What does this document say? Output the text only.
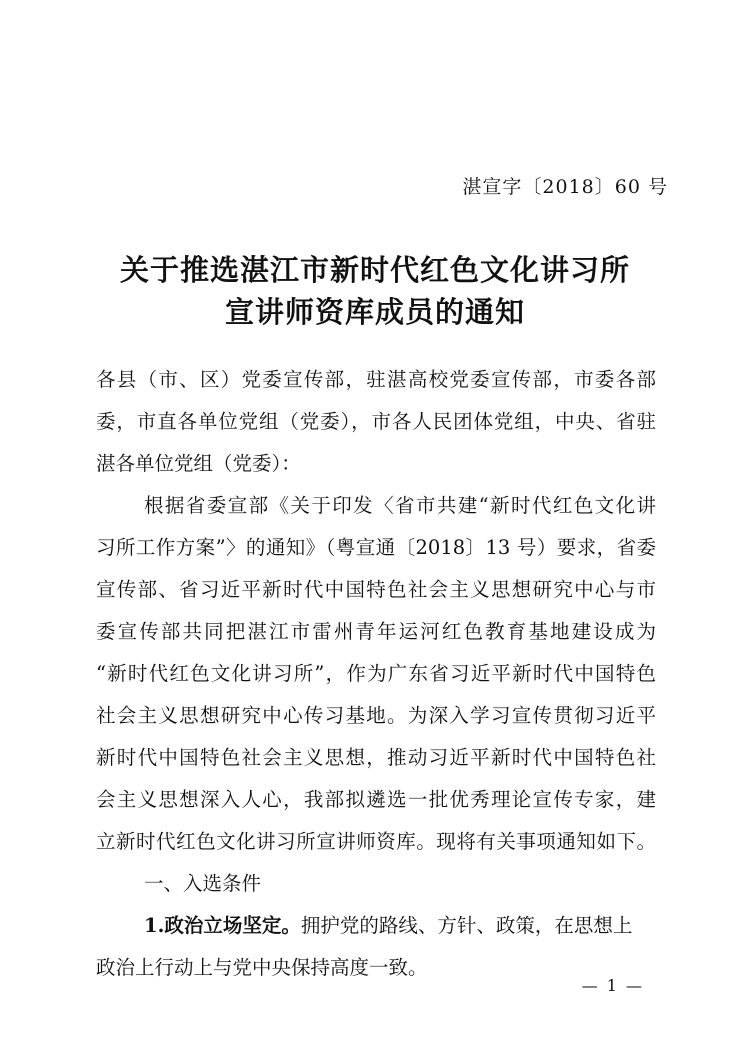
湛宣字〔2018〕60 号
关于推选湛江市新时代红色文化讲习所
宣讲师资库成员的通知
各县（市、区）党委宣传部，驻湛高校党委宣传部，市委各部
委，市直各单位党组（党委），市各人民团体党组，中央、省驻
湛各单位党组（党委）：
根据省委宣部《关于印发〈省市共建“新时代红色文化讲
习所工作方案”〉的通知》（粤宣通〔2018〕13 号）要求，省委
宣传部、省习近平新时代中国特色社会主义思想研究中心与市
委宣传部共同把湛江市雷州青年运河红色教育基地建设成为
“新时代红色文化讲习所”，作为广东省习近平新时代中国特色
社会主义思想研究中心传习基地。为深入学习宣传贯彻习近平
新时代中国特色社会主义思想，推动习近平新时代中国特色社
会主义思想深入人心，我部拟遴选一批优秀理论宣传专家，建
立新时代红色文化讲习所宣讲师资库。现将有关事项通知如下。
一、入选条件
1.政治立场坚定。拥护党的路线、方针、政策，在思想上
政治上行动上与党中央保持高度一致。
— 1 —
